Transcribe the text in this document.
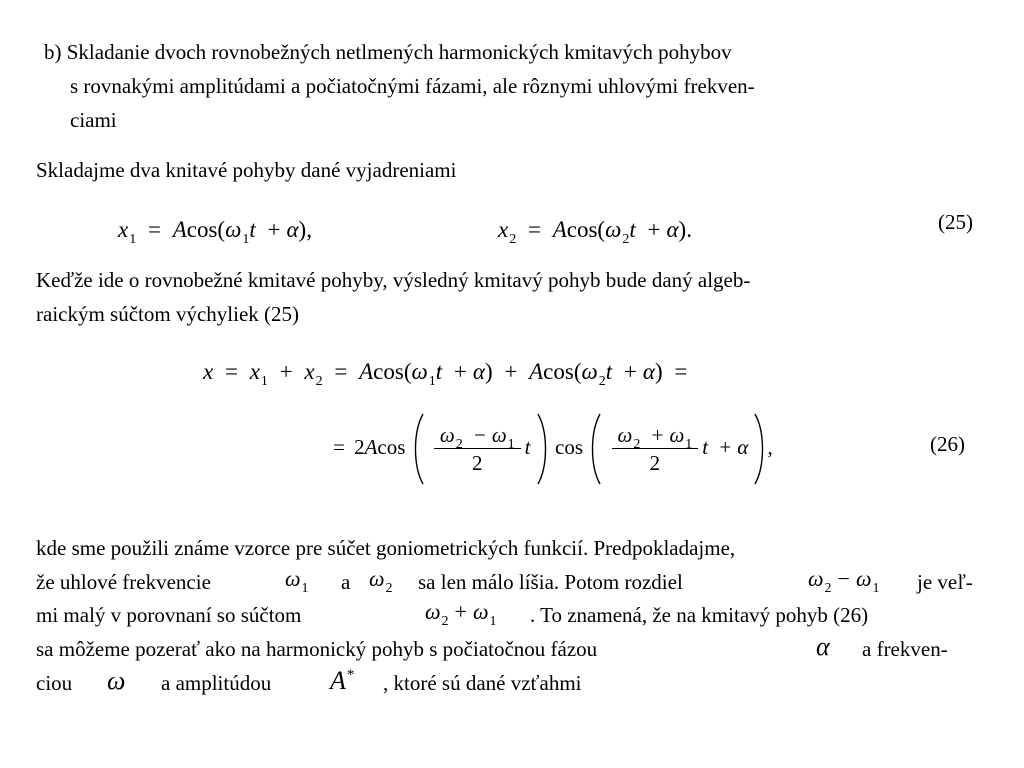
b) Skladanie dvoch rovnobežných netlmených harmonických kmitavých pohybov
s rovnakými amplitúdami a počiatočnými fázami, ale rôznymi uhlovými frekven-
ciami
Skladajme dva knitavé pohyby dané vyjadreniami
$x_1 = Acos(\omega_1t + \alpha)$,	$x_2 = Acos(\omega_2t + \alpha)$.	(25)
Keďže ide o rovnobežné kmitavé pohyby, výsledný kmitavý pohyb bude daný algeb-
raickým súčtom výchyliek (25)
$x = x_1 + x_2 = Acos(\omega_1t + \alpha) + Acos(\omega_2t + \alpha)$ =
= $2Acos \frac{\omega_2 - \omega_1}{2}$ t $\cos \frac{\omega_2 + \omega_1}{2}$ t + α ,	(26)
kde sme použili známe vzorce pre súčet goniometrických funkcií. Predpokladajme,
že uhlové frekvencie	$\omega_1$ a $\omega_2$ sa len málo líšia. Potom rozdiel	$\omega_2 - \omega_1$ je veľ-
mi malý v porovnaní so súčtom	$\omega_2 + \omega_1$ . To znamená, že na kmitavý pohyb (26)
sa môžeme pozerať ako na harmonický pohyb s počiatočnou fázou	α a frekven-
ciou ω a amplitúdou A* , ktoré sú dané vzťahmi
